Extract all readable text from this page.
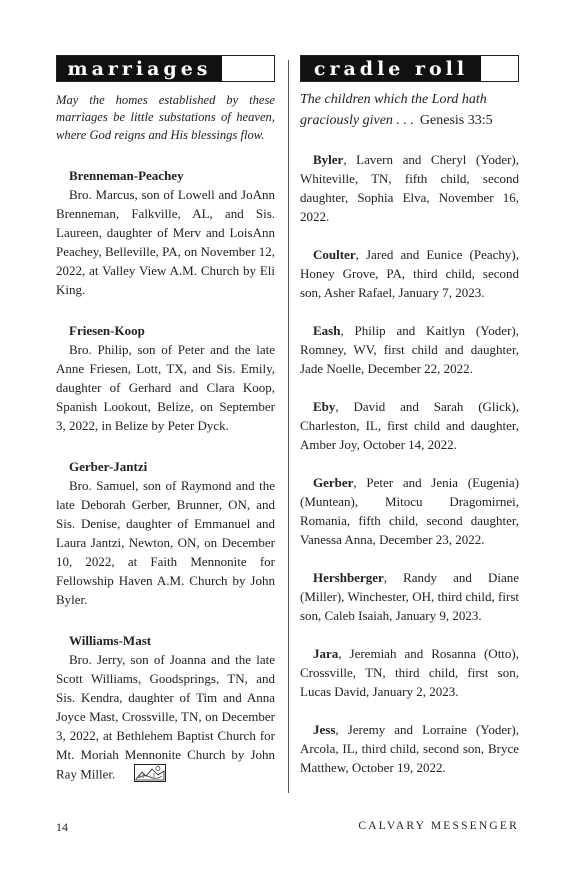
marriages

May the homes established by these marriages be little substations of heaven, where God reigns and His blessings flow.

Brenneman-Peachey

Bro. Marcus, son of Lowell and JoAnn Brenneman, Falkville, AL, and Sis. Laureen, daughter of Merv and LoisAnn Peachey, Belleville, PA, on November 12, 2022, at Valley View A.M. Church by Eli King.

Friesen-Koop

Bro. Philip, son of Peter and the late Anne Friesen, Lott, TX, and Sis. Emily, daughter of Gerhard and Clara Koop, Spanish Lookout, Belize, on September 3, 2022, in Belize by Peter Dyck.

Gerber-Jantzi

Bro. Samuel, son of Raymond and the late Deborah Gerber, Brunner, ON, and Sis. Denise, daughter of Emmanuel and Laura Jantzi, Newton, ON, on December 10, 2022, at Faith Mennonite for Fellowship Haven A.M. Church by John Byler.

Williams-Mast

Bro. Jerry, son of Joanna and the late Scott Williams, Goodsprings, TN, and Sis. Kendra, daughter of Tim and Anna Joyce Mast, Crossville, TN, on December 3, 2022, at Bethlehem Baptist Church for Mt. Moriah Mennonite Church by John Ray Miller.

cradle roll

The children which the Lord hath graciously given . . . Genesis 33:5

Byler, Lavern and Cheryl (Yoder), Whiteville, TN, fifth child, second daughter, Sophia Elva, November 16, 2022.

Coulter, Jared and Eunice (Peachy), Honey Grove, PA, third child, second son, Asher Rafael, January 7, 2023.

Eash, Philip and Kaitlyn (Yoder), Romney, WV, first child and daughter, Jade Noelle, December 22, 2022.

Eby, David and Sarah (Glick), Charleston, IL, first child and daughter, Amber Joy, October 14, 2022.

Gerber, Peter and Jenia (Eugenia) (Muntean), Mitocu Dragomirnei, Romania, fifth child, second daughter, Vanessa Anna, December 23, 2022.

Hershberger, Randy and Diane (Miller), Winchester, OH, third child, first son, Caleb Isaiah, January 9, 2023.

Jara, Jeremiah and Rosanna (Otto), Crossville, TN, third child, first son, Lucas David, January 2, 2023.

Jess, Jeremy and Lorraine (Yoder), Arcola, IL, third child, second son, Bryce Matthew, October 19, 2022.

14	CALVARY MESSENGER
